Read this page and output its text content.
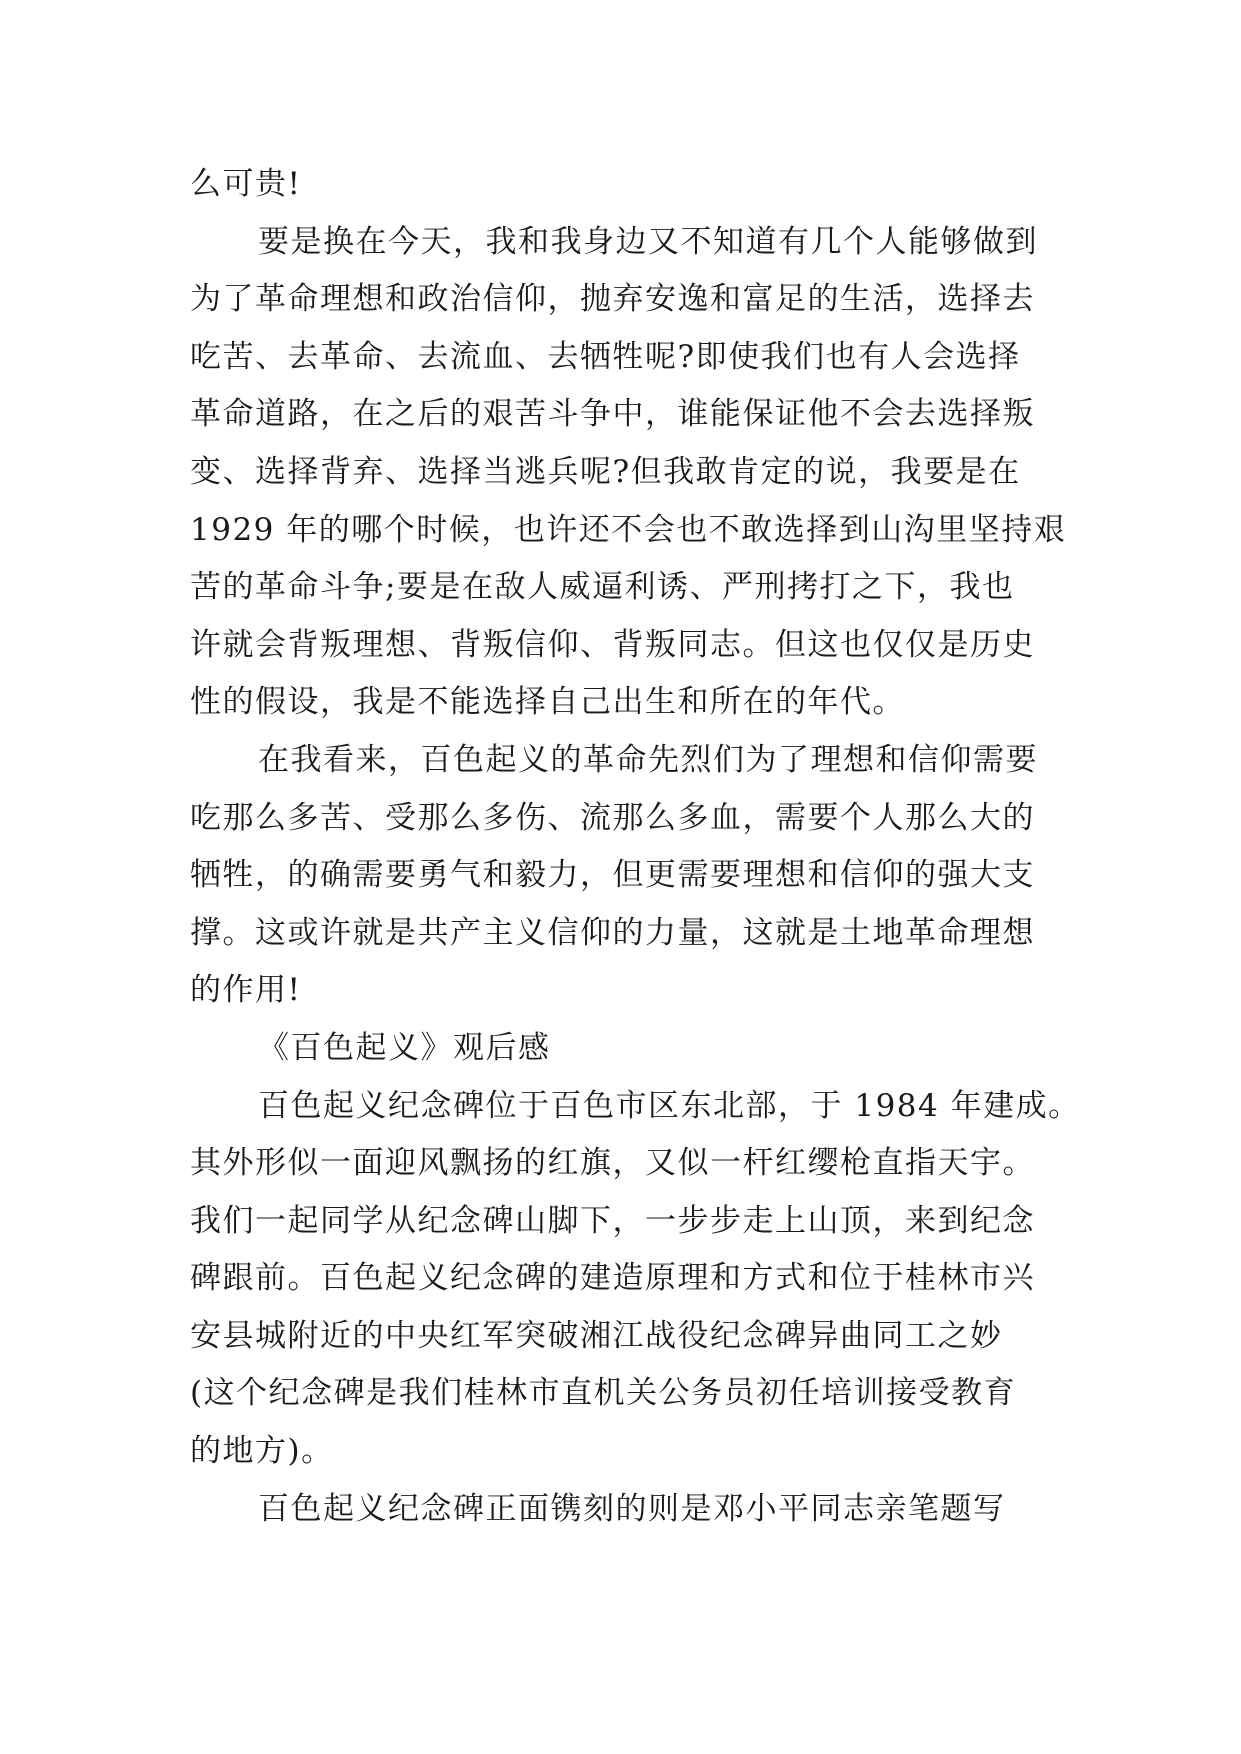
么可贵!
要是换在今天，我和我身边又不知道有几个人能够做到
为了革命理想和政治信仰，抛弃安逸和富足的生活，选择去
吃苦、去革命、去流血、去牺牲呢?即使我们也有人会选择
革命道路，在之后的艰苦斗争中，谁能保证他不会去选择叛
变、选择背弃、选择当逃兵呢?但我敢肯定的说，我要是在
1929 年的哪个时候，也许还不会也不敢选择到山沟里坚持艰
苦的革命斗争;要是在敌人威逼利诱、严刑拷打之下，我也
许就会背叛理想、背叛信仰、背叛同志。但这也仅仅是历史
性的假设，我是不能选择自己出生和所在的年代。
在我看来，百色起义的革命先烈们为了理想和信仰需要
吃那么多苦、受那么多伤、流那么多血，需要个人那么大的
牺牲，的确需要勇气和毅力，但更需要理想和信仰的强大支
撑。这或许就是共产主义信仰的力量，这就是土地革命理想
的作用!
《百色起义》观后感
百色起义纪念碑位于百色市区东北部，于 1984 年建成。
其外形似一面迎风飘扬的红旗，又似一杆红缨枪直指天宇。
我们一起同学从纪念碑山脚下，一步步走上山顶，来到纪念
碑跟前。百色起义纪念碑的建造原理和方式和位于桂林市兴
安县城附近的中央红军突破湘江战役纪念碑异曲同工之妙
(这个纪念碑是我们桂林市直机关公务员初任培训接受教育
的地方)。
百色起义纪念碑正面镌刻的则是邓小平同志亲笔题写
